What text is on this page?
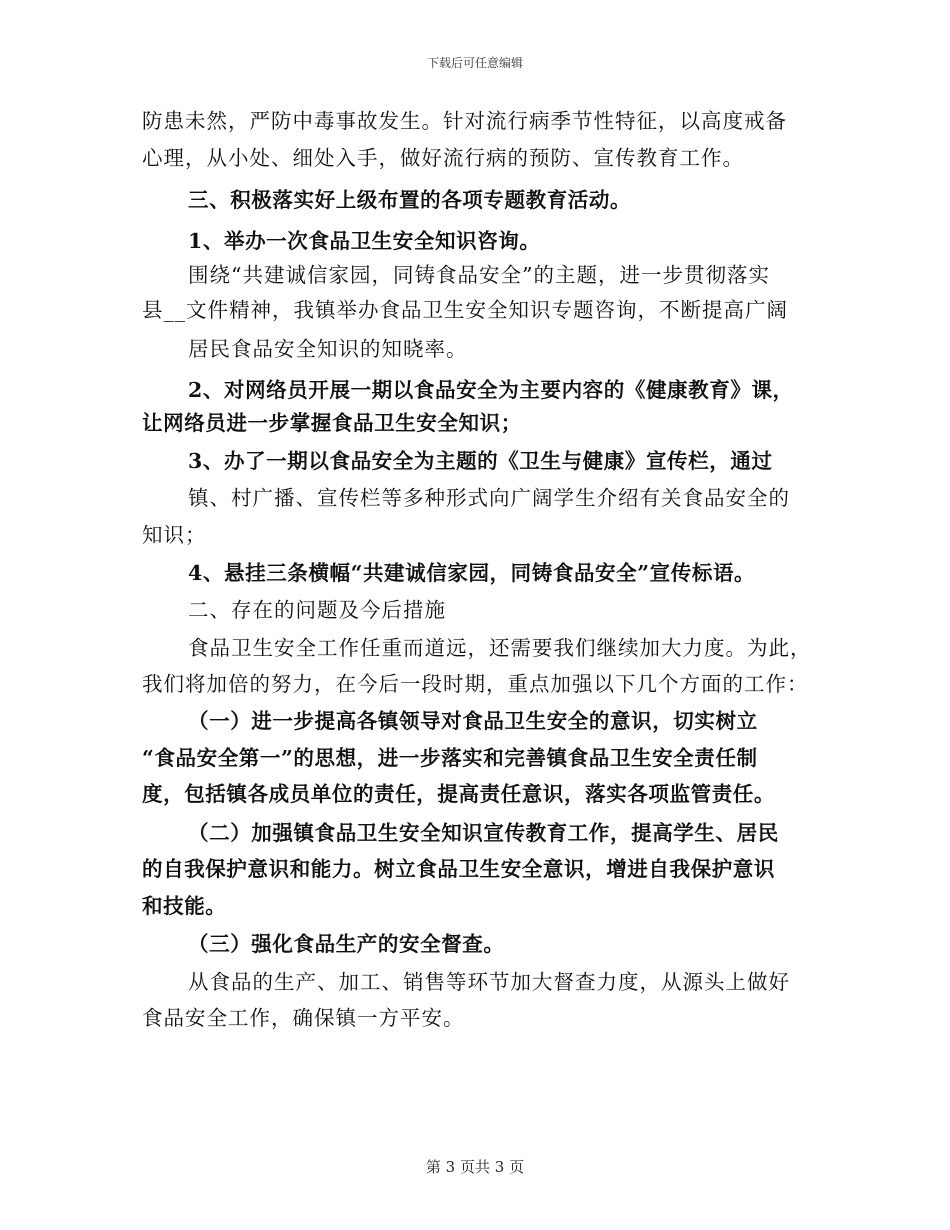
下载后可任意编辑
防患未然，严防中毒事故发生。针对流行病季节性特征，以高度戒备
心理，从小处、细处入手，做好流行病的预防、宣传教育工作。
三、积极落实好上级布置的各项专题教育活动。
1、举办一次食品卫生安全知识咨询。
围绕“共建诚信家园，同铸食品安全”的主题，进一步贯彻落实
县__文件精神，我镇举办食品卫生安全知识专题咨询，不断提高广阔
居民食品安全知识的知晓率。
2、对网络员开展一期以食品安全为主要内容的《健康教育》课，
让网络员进一步掌握食品卫生安全知识；
3、办了一期以食品安全为主题的《卫生与健康》宣传栏，通过
镇、村广播、宣传栏等多种形式向广阔学生介绍有关食品安全的
知识；
4、悬挂三条横幅“共建诚信家园，同铸食品安全”宣传标语。
二、存在的问题及今后措施
食品卫生安全工作任重而道远，还需要我们继续加大力度。为此，
我们将加倍的努力，在今后一段时期，重点加强以下几个方面的工作：
（一）进一步提高各镇领导对食品卫生安全的意识，切实树立
“食品安全第一”的思想，进一步落实和完善镇食品卫生安全责任制
度，包括镇各成员单位的责任，提高责任意识，落实各项监管责任。
（二）加强镇食品卫生安全知识宣传教育工作，提高学生、居民
的自我保护意识和能力。树立食品卫生安全意识，增进自我保护意识
和技能。
（三）强化食品生产的安全督查。
从食品的生产、加工、销售等环节加大督查力度，从源头上做好
食品安全工作，确保镇一方平安。
第 3 页共 3 页
